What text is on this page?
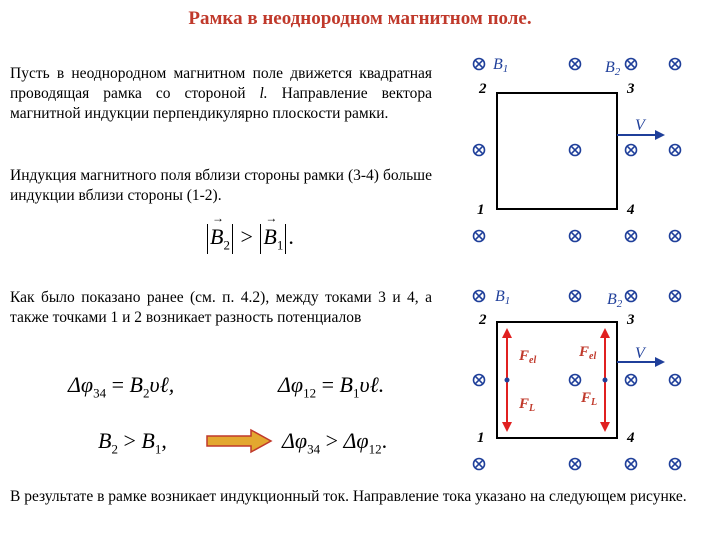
Рамка в неоднородном магнитном поле.
Пусть в неоднородном магнитном поле движется квадратная проводящая рамка со стороной l. Направление вектора магнитной индукции перпендикулярно плоскости рамки.
Индукция магнитного поля вблизи стороны рамки (3-4) больше индукции вблизи стороны (1-2).
→ $B_2$ > → $B_1$ .
Как было показано ранее (см. п. 4.2), между токами 3 и 4, а также точками 1 и 2 возникает разность потенциалов
$\Delta\varphi_{34}$ = $B_2\upsilon\ell$,	$\Delta\varphi_{12}$ = $B_1\upsilon\ell$.
$B_2 > B_1$,	$\Delta\varphi_{34} > \Delta\varphi_{12}$.
B1	B2
2	3
1	4
V
B1	B2
2	3
1	4
$F_{el}$
$F_{el}$
$F_L$
$F_L$
V
В результате в рамке возникает индукционный ток. Направление тока указано на следующем рисунке.
